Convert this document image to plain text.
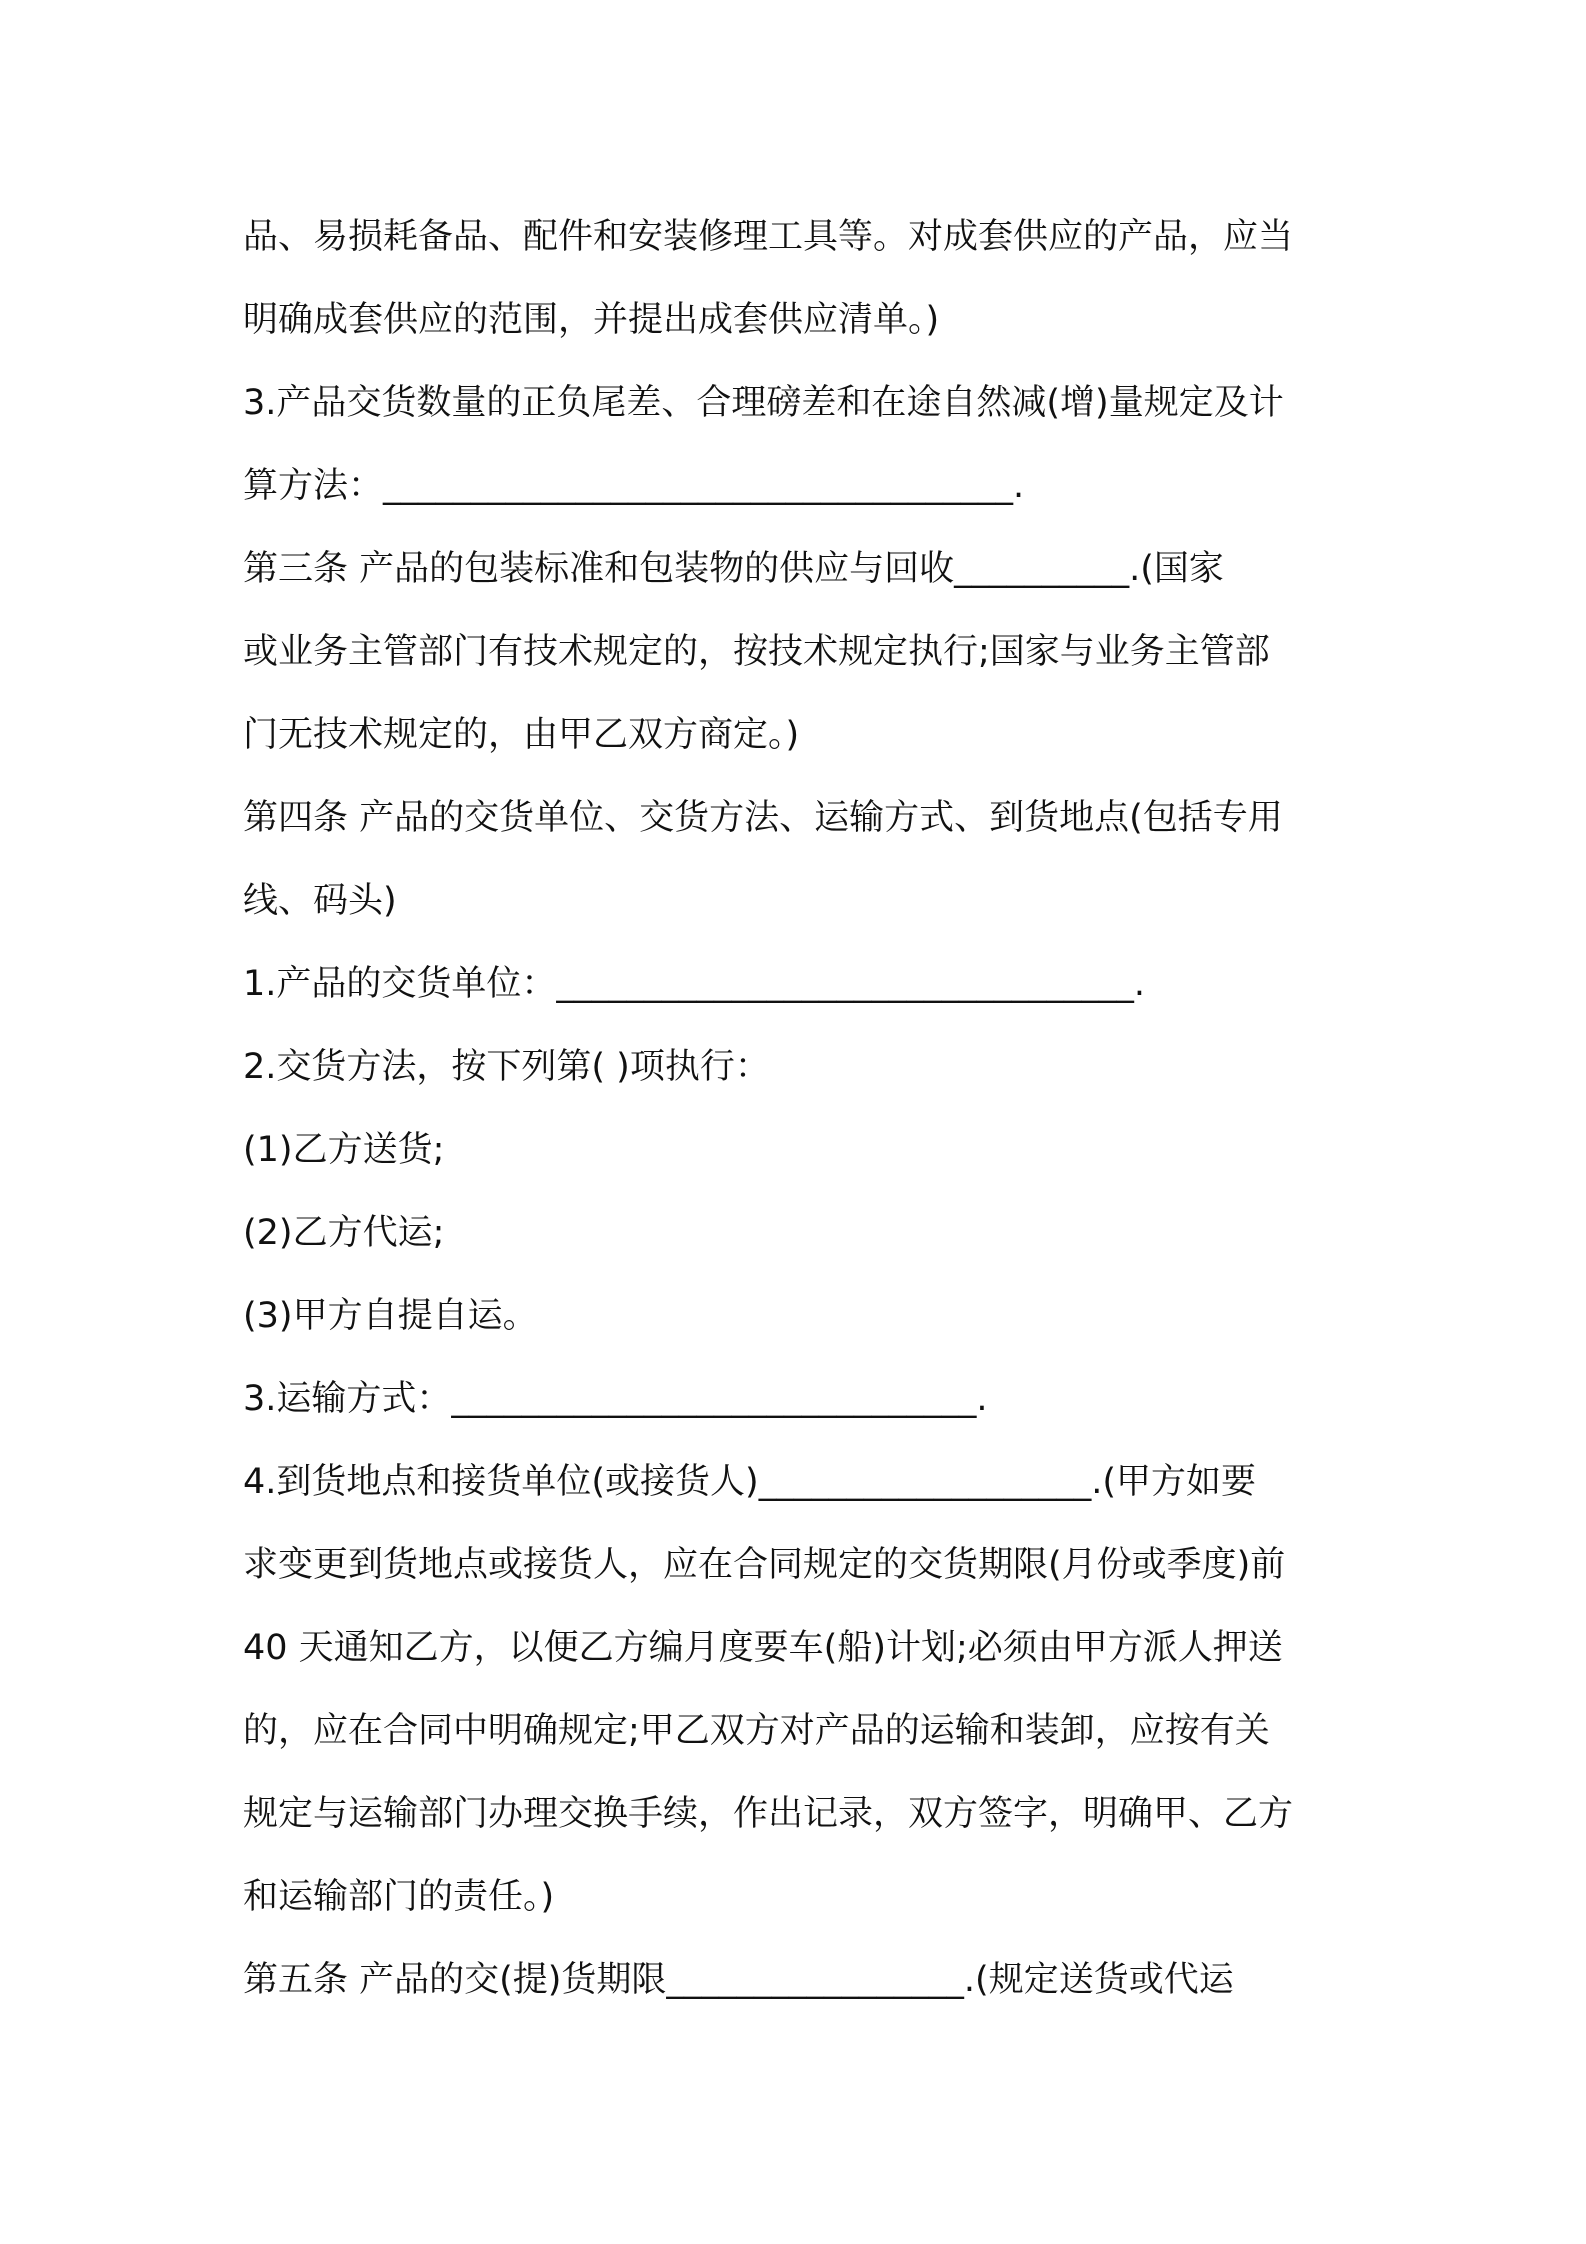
品、易损耗备品、配件和安装修理工具等。对成套供应的产品，应当
明确成套供应的范围，并提出成套供应清单。)
3.产品交货数量的正负尾差、合理磅差和在途自然减(增)量规定及计
算方法：____________________________________.
第三条 产品的包装标准和包装物的供应与回收__________.(国家
或业务主管部门有技术规定的，按技术规定执行;国家与业务主管部
门无技术规定的，由甲乙双方商定。)
第四条 产品的交货单位、交货方法、运输方式、到货地点(包括专用
线、码头)
1.产品的交货单位：_________________________________.
2.交货方法，按下列第( )项执行：
(1)乙方送货;
(2)乙方代运;
(3)甲方自提自运。
3.运输方式：______________________________.
4.到货地点和接货单位(或接货人)___________________.(甲方如要
求变更到货地点或接货人，应在合同规定的交货期限(月份或季度)前
40 天通知乙方，以便乙方编月度要车(船)计划;必须由甲方派人押送
的，应在合同中明确规定;甲乙双方对产品的运输和装卸，应按有关
规定与运输部门办理交换手续，作出记录，双方签字，明确甲、乙方
和运输部门的责任。)
第五条 产品的交(提)货期限_________________.(规定送货或代运
